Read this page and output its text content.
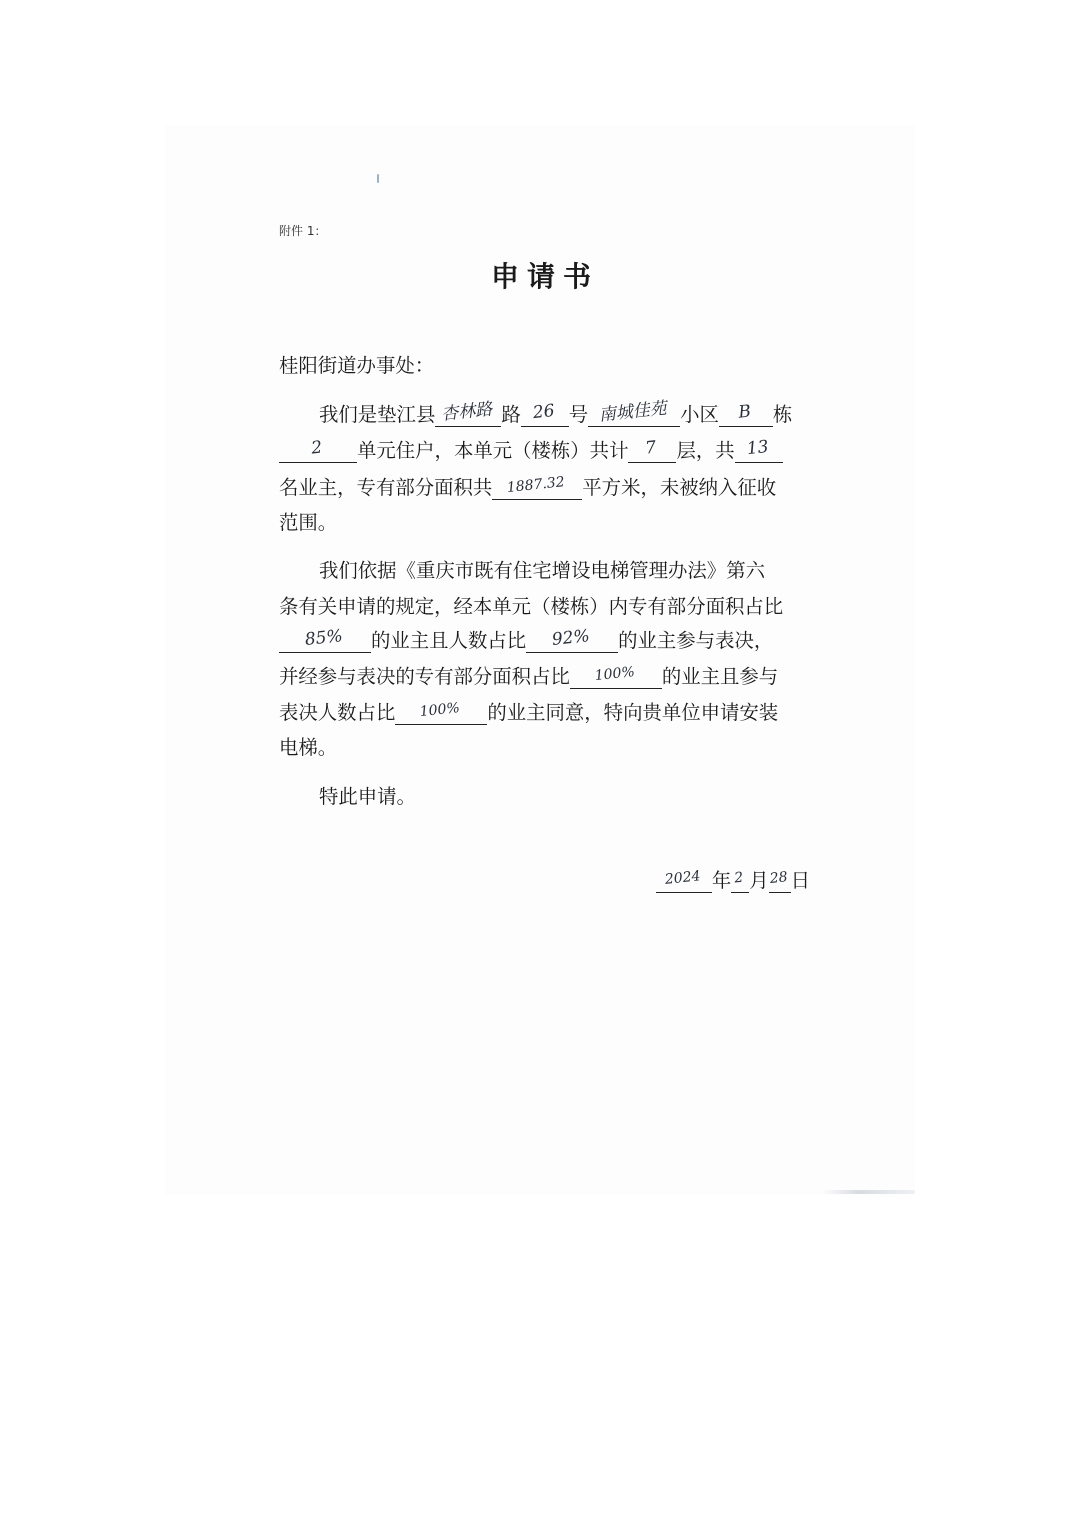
附件 1：
申请书
桂阳街道办事处：
我们是垫江县 杏林路 路 26 号 南城佳苑 小区	B	栋
2	单元住户，本单元（楼栋）共计 7 层，共 13
名业主，专有部分面积共	1887.32 平方米，未被纳入征收
范围。
我们依据《重庆市既有住宅增设电梯管理办法》第六
条有关申请的规定，经本单元（楼栋）内专有部分面积占比
85%	的业主且人数占比	92%	的业主参与表决，
并经参与表决的专有部分面积占比	100%	的业主且参与
表决人数占比	100%	的业主同意，特向贵单位申请安装
电梯。
特此申请。
2024 年 2 月 28 日
